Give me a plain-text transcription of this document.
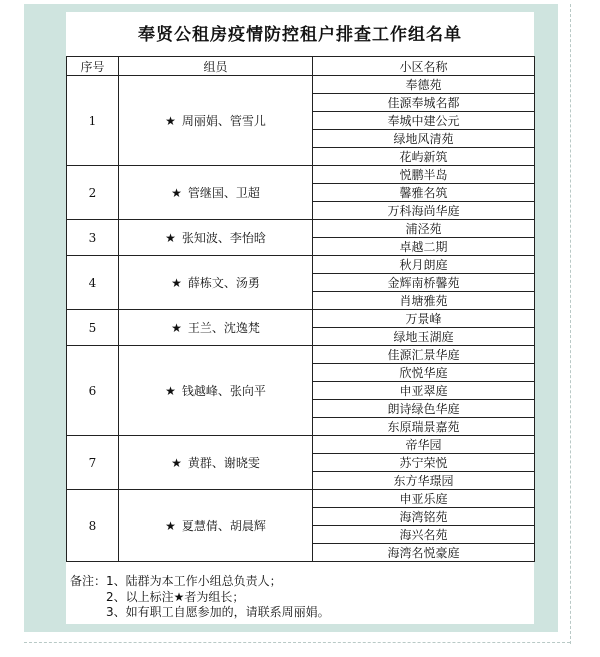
奉贤公租房疫情防控租户排查工作组名单
序号	组员	小区名称
1	★ 周丽娟、管雪儿	奉德苑
		佳源奉城名都
		奉城中建公元
		绿地风清苑
		花屿新筑
2	★ 管继国、卫超	悦鹏半岛
		馨雅名筑
		万科海尚华庭
3	★ 张知波、李怡晗	浦泾苑
		卓越二期
4	★ 薛栋文、汤勇	秋月朗庭
		金辉南桥馨苑
		肖塘雅苑
5	★ 王兰、沈逸梵	万景峰
		绿地玉湖庭
6	★ 钱越峰、张向平	佳源汇景华庭
		欣悦华庭
		申亚翠庭
		朗诗绿色华庭
		东原瑞景嘉苑
7	★ 黄群、谢晓雯	帝华园
		苏宁荣悦
		东方华璟园
8	★ 夏慧倩、胡晨辉	申亚乐庭
		海湾铭苑
		海兴名苑
		海湾名悦豪庭
备注：1、陆群为本工作小组总负责人；
2、以上标注★者为组长；
3、如有职工自愿参加的，请联系周丽娟。
